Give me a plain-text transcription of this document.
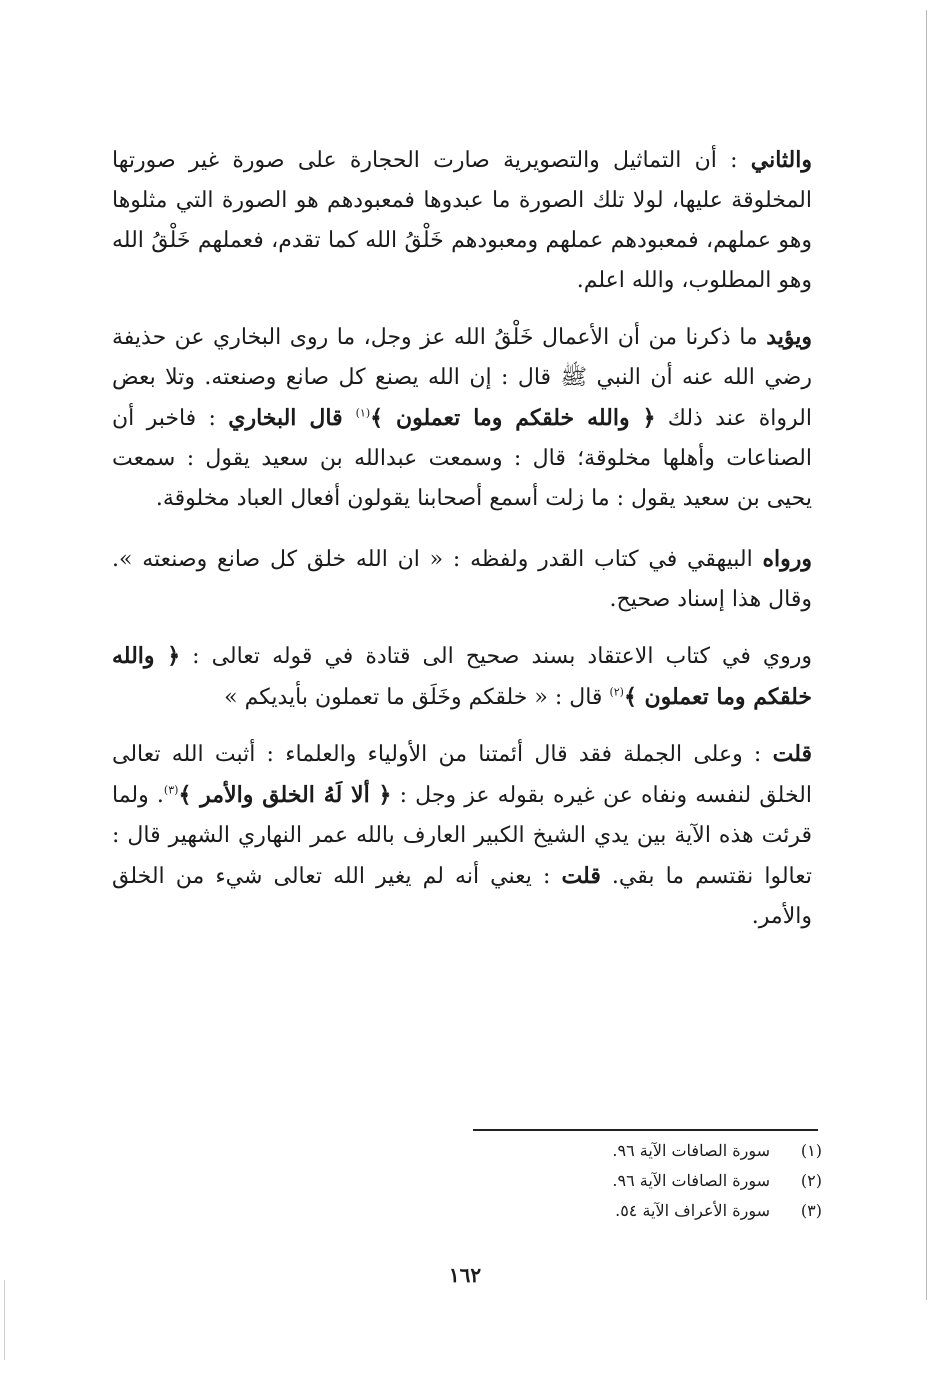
والثاني : أن التماثيل والتصويرية صارت الحجارة على صورة غير صورتها المخلوقة عليها، لولا تلك الصورة ما عبدوها فمعبودهم هو الصورة التي مثلوها وهو عملهم، فمعبودهم عملهم ومعبودهم خَلْقُ الله كما تقدم، فعملهم خَلْقُ الله وهو المطلوب، والله اعلم.

ويؤيد ما ذكرنا من أن الأعمال خَلْقُ الله عز وجل، ما روى البخاري عن حذيفة رضي الله عنه أن النبي ﷺ قال : إن الله يصنع كل صانع وصنعته. وتلا بعض الرواة عند ذلك ﴿ والله خلقكم وما تعملون ﴾$^{(١)}$ قال البخاري : فاخبر أن الصناعات وأهلها مخلوقة؛ قال : وسمعت عبدالله بن سعيد يقول : سمعت يحيى بن سعيد يقول : ما زلت أسمع أصحابنا يقولون أفعال العباد مخلوقة.

ورواه البيهقي في كتاب القدر ولفظه : « ان الله خلق كل صانع وصنعته ». وقال هذا إسناد صحيح.

وروي في كتاب الاعتقاد بسند صحيح الى قتادة في قوله تعالى : ﴿ والله خلقكم وما تعملون ﴾$^{(٢)}$ قال : « خلقكم وخَلَق ما تعملون بأيديكم »

قلت : وعلى الجملة فقد قال أئمتنا من الأولياء والعلماء : أثبت الله تعالى الخلق لنفسه ونفاه عن غيره بقوله عز وجل : ﴿ ألا لَهُ الخلق والأمر ﴾$^{(٣)}$. ولما قرئت هذه الآية بين يدي الشيخ الكبير العارف بالله عمر النهاري الشهير قال : تعالوا نقتسم ما بقي. قلت : يعني أنه لم يغير الله تعالى شيء من الخلق والأمر.

(١)
سورة الصافات الآية ٩٦.
(٢)
سورة الصافات الآية ٩٦.
(٣)
سورة الأعراف الآية ٥٤.
١٦٢
